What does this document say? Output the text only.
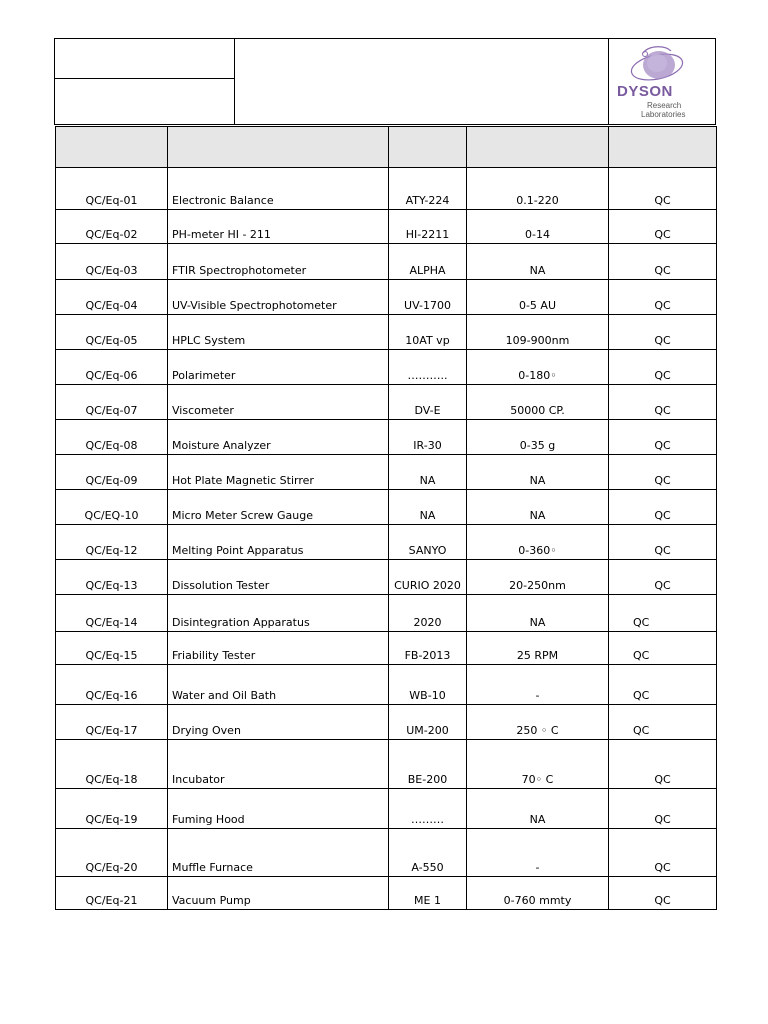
DYSON
Research
Laboratories

QC/Eq-01	Electronic Balance	ATY-224	0.1-220	QC
QC/Eq-02	PH-meter HI - 211	HI-2211	0-14	QC
QC/Eq-03	FTIR Spectrophotometer	ALPHA	NA	QC
QC/Eq-04	UV-Visible Spectrophotometer	UV-1700	0-5 AU	QC
QC/Eq-05	HPLC System	10AT vp	109-900nm	QC
QC/Eq-06	Polarimeter	………..	0-180◦	QC
QC/Eq-07	Viscometer	DV-E	50000 CP.	QC
QC/Eq-08	Moisture Analyzer	IR-30	0-35 g	QC
QC/Eq-09	Hot Plate Magnetic Stirrer	NA	NA	QC
QC/EQ-10	Micro Meter Screw Gauge	NA	NA	QC
QC/Eq-12	Melting Point Apparatus	SANYO	0-360◦	QC
QC/Eq-13	Dissolution Tester	CURIO 2020	20-250nm	QC
QC/Eq-14	Disintegration Apparatus	2020	NA	QC
QC/Eq-15	Friability Tester	FB-2013	25 RPM	QC
QC/Eq-16	Water and Oil Bath	WB-10	-	QC
QC/Eq-17	Drying Oven	UM-200	250 ◦ C	QC
QC/Eq-18	Incubator	BE-200	70◦ C	QC
QC/Eq-19	Fuming Hood	………	NA	QC
QC/Eq-20	Muffle Furnace	A-550	-	QC
QC/Eq-21	Vacuum Pump	ME 1	0-760 mmty	QC
